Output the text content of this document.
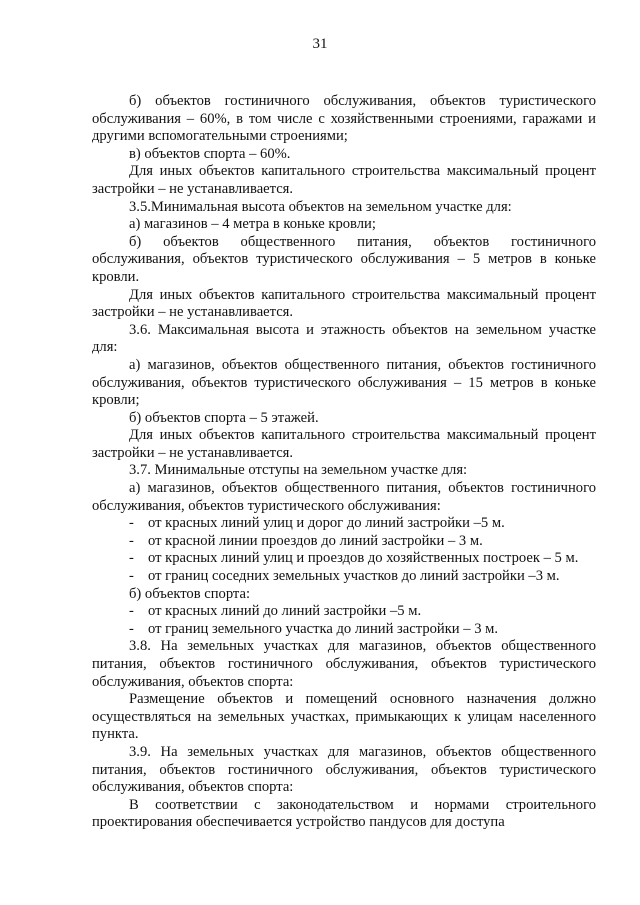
31

б) объектов гостиничного обслуживания, объектов туристического обслуживания – 60%, в том числе с хозяйственными строениями, гаражами и другими вспомогательными строениями;

в) объектов спорта – 60%.

Для иных объектов капитального строительства максимальный процент застройки – не устанавливается.

3.5.Минимальная высота объектов на земельном участке для:

а) магазинов – 4 метра в коньке кровли;

б) объектов общественного питания, объектов гостиничного обслуживания, объектов туристического обслуживания – 5 метров в коньке кровли.

Для иных объектов капитального строительства максимальный процент застройки – не устанавливается.

3.6. Максимальная высота и этажность объектов на земельном участке для:

а) магазинов, объектов общественного питания, объектов гостиничного обслуживания, объектов туристического обслуживания – 15 метров в коньке кровли;

б) объектов спорта – 5 этажей.

Для иных объектов капитального строительства максимальный процент застройки – не устанавливается.

3.7. Минимальные отступы на земельном участке для:

а) магазинов, объектов общественного питания, объектов гостиничного обслуживания, объектов туристического обслуживания:

- от красных линий улиц и дорог до линий застройки –5 м.
- от красной линии проездов до линий застройки – 3 м.
- от красных линий улиц и проездов до хозяйственных построек – 5 м.
- от границ соседних земельных участков до линий застройки –3 м.

б) объектов спорта:

- от красных линий до линий застройки –5 м.
- от границ земельного участка до линий застройки – 3 м.

3.8. На земельных участках для магазинов, объектов общественного питания, объектов гостиничного обслуживания, объектов туристического обслуживания, объектов спорта:

Размещение объектов и помещений основного назначения должно осуществляться на земельных участках, примыкающих к улицам населенного пункта.

3.9. На земельных участках для магазинов, объектов общественного питания, объектов гостиничного обслуживания, объектов туристического обслуживания, объектов спорта:

В соответствии с законодательством и нормами строительного проектирования обеспечивается устройство пандусов для доступа
